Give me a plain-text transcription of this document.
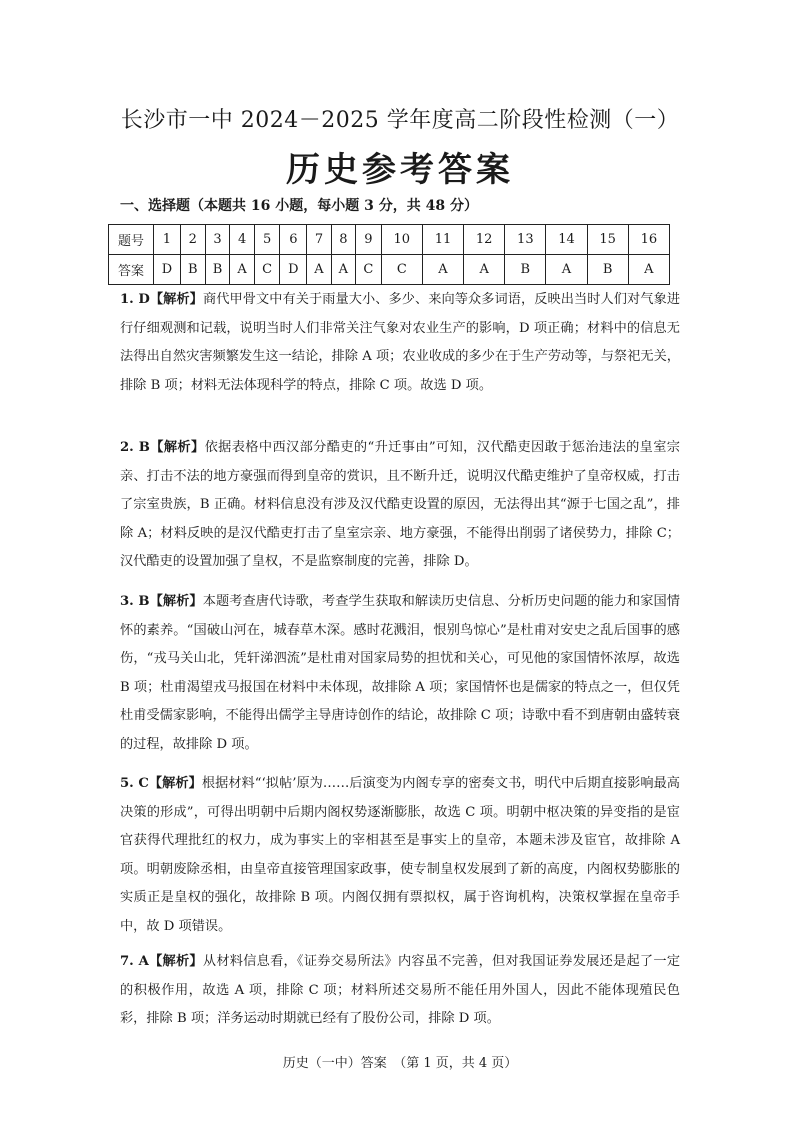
长沙市一中 2024－2025 学年度高二阶段性检测（一）
历史参考答案
一、选择题（本题共 16 小题，每小题 3 分，共 48 分）
题号	1	2	3	4	5	6	7	8	9	10	11	12	13	14	15	16
答案	D	B	B	A	C	D	A	A	C	C	A	A	B	A	B	A

1. D【解析】商代甲骨文中有关于雨量大小、多少、来向等众多词语，反映出当时人们对气象进行仔细观测和记载，说明当时人们非常关注气象对农业生产的影响，D 项正确；材料中的信息无法得出自然灾害频繁发生这一结论，排除 A 项；农业收成的多少在于生产劳动等，与祭祀无关，排除 B 项；材料无法体现科学的特点，排除 C 项。故选 D 项。

2. B【解析】依据表格中西汉部分酷吏的“升迁事由”可知，汉代酷吏因敢于惩治违法的皇室宗亲、打击不法的地方豪强而得到皇帝的赏识，且不断升迁，说明汉代酷吏维护了皇帝权威，打击了宗室贵族，B 正确。材料信息没有涉及汉代酷吏设置的原因，无法得出其“源于七国之乱”，排除 A；材料反映的是汉代酷吏打击了皇室宗亲、地方豪强，不能得出削弱了诸侯势力，排除 C；汉代酷吏的设置加强了皇权，不是监察制度的完善，排除 D。

3. B【解析】本题考查唐代诗歌，考查学生获取和解读历史信息、分析历史问题的能力和家国情怀的素养。“国破山河在，城春草木深。感时花溅泪，恨别鸟惊心”是杜甫对安史之乱后国事的感伤，“戎马关山北，凭轩涕泗流”是杜甫对国家局势的担忧和关心，可见他的家国情怀浓厚，故选 B 项；杜甫渴望戎马报国在材料中未体现，故排除 A 项；家国情怀也是儒家的特点之一，但仅凭杜甫受儒家影响，不能得出儒学主导唐诗创作的结论，故排除 C 项；诗歌中看不到唐朝由盛转衰的过程，故排除 D 项。

5. C【解析】根据材料“‘拟帖’原为……后演变为内阁专享的密奏文书，明代中后期直接影响最高决策的形成”，可得出明朝中后期内阁权势逐渐膨胀，故选 C 项。明朝中枢决策的异变指的是宦官获得代理批红的权力，成为事实上的宰相甚至是事实上的皇帝，本题未涉及宦官，故排除 A 项。明朝废除丞相，由皇帝直接管理国家政事，使专制皇权发展到了新的高度，内阁权势膨胀的实质正是皇权的强化，故排除 B 项。内阁仅拥有票拟权，属于咨询机构，决策权掌握在皇帝手中，故 D 项错误。

7. A【解析】从材料信息看，《证券交易所法》内容虽不完善，但对我国证券发展还是起了一定的积极作用，故选 A 项，排除 C 项；材料所述交易所不能任用外国人，因此不能体现殖民色彩，排除 B 项；洋务运动时期就已经有了股份公司，排除 D 项。

历史（一中）答案　（第 1 页，共 4 页）
